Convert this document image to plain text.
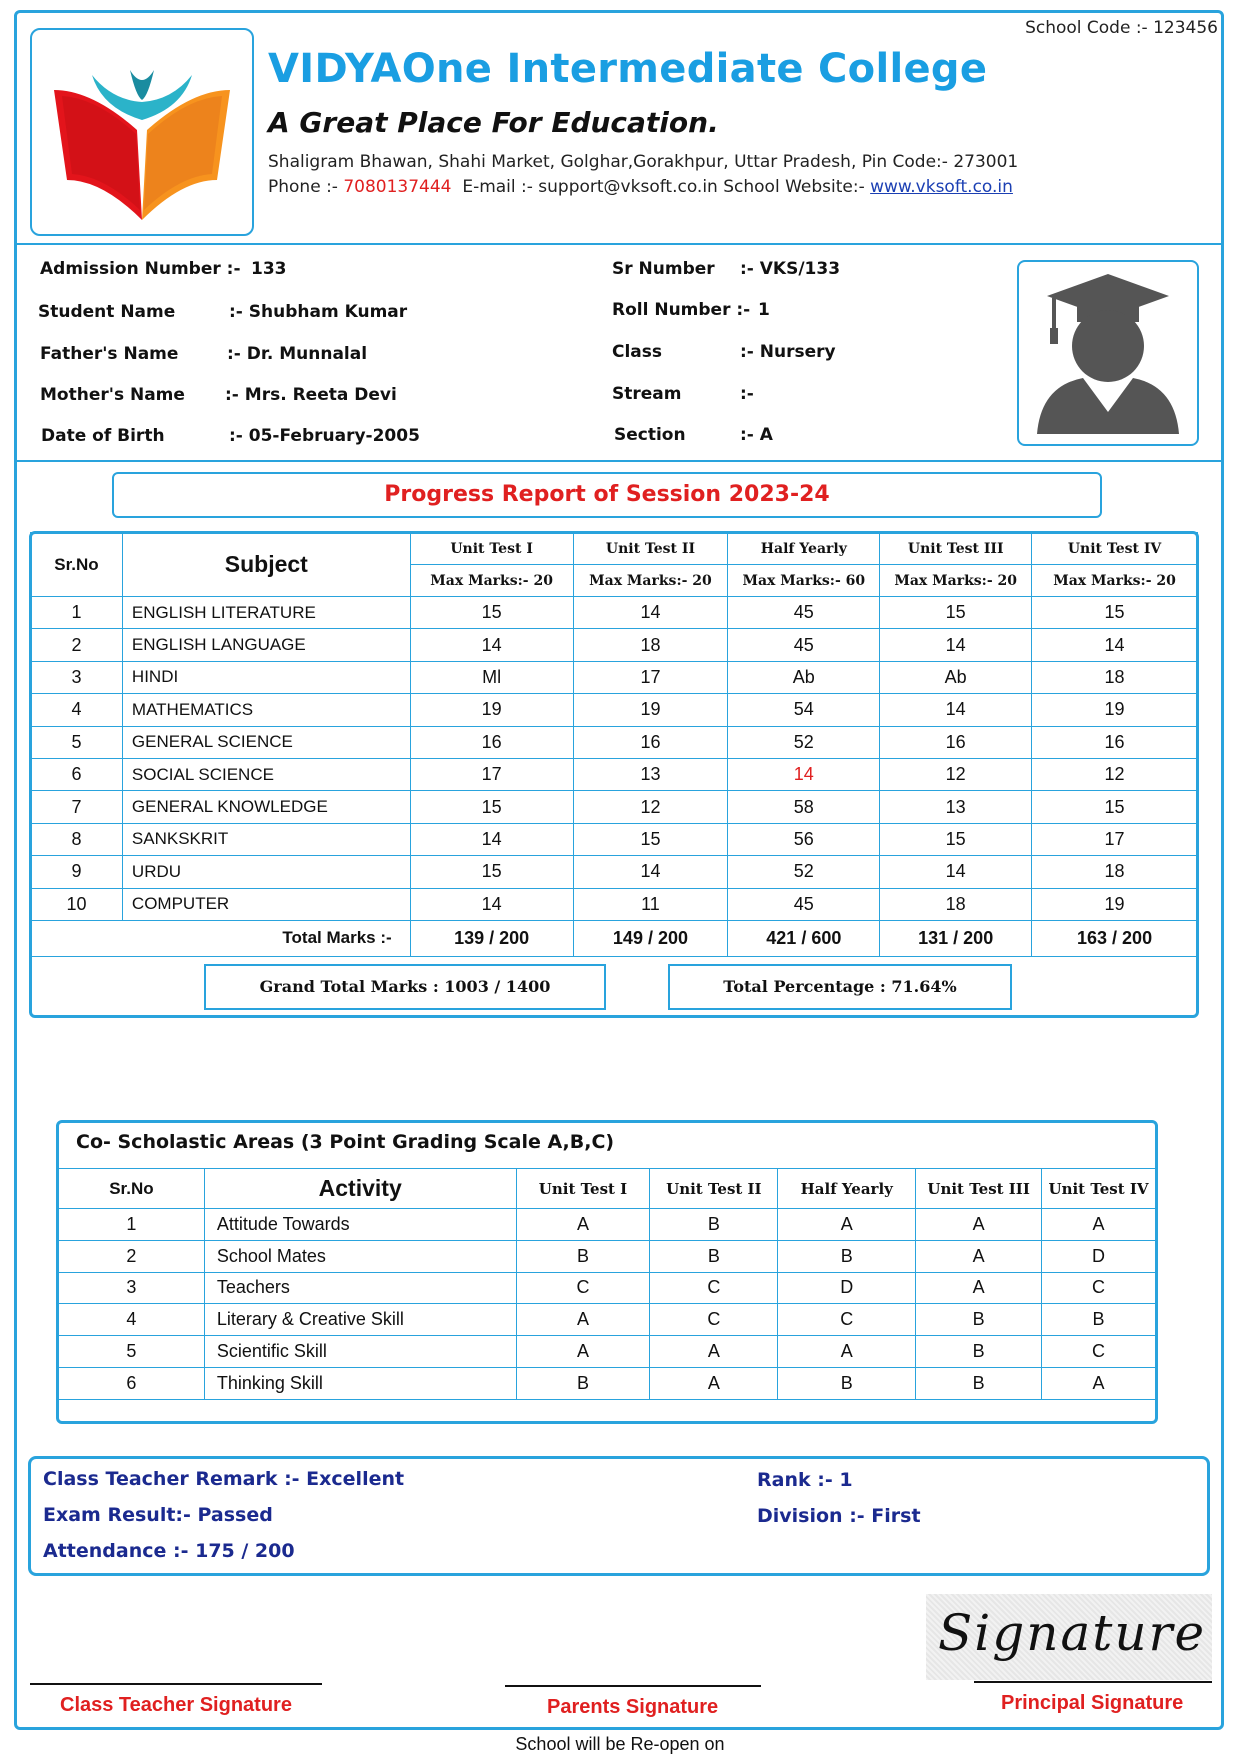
School Code :- 123456
VIDYAOne Intermediate College
A Great Place For Education.
Shaligram Bhawan, Shahi Market, Golghar,Gorakhpur, Uttar Pradesh, Pin Code:- 273001
Phone :- 7080137444  E-mail :- support@vksoft.co.in School Website:- www.vksoft.co.in
Admission Number :- 133
Student Name	:- Shubham Kumar
Father's Name	:- Dr. Munnalal
Mother's Name :- Mrs. Reeta Devi
Date of Birth	:- 05-February-2005
Sr Number :- VKS/133
Roll Number :- 1
Class	:- Nursery
Stream	:-
Section	:- A
Progress Report of Session 2023-24
Sr.No	Subject	Unit Test I	Unit Test II	Half Yearly	Unit Test III	Unit Test IV
		Max Marks:- 20	Max Marks:- 20	Max Marks:- 60	Max Marks:- 20	Max Marks:- 20
1	ENGLISH LITERATURE	15	14	45	15	15
2	ENGLISH LANGUAGE	14	18	45	14	14
3	HINDI	Ml	17	Ab	Ab	18
4	MATHEMATICS	19	19	54	14	19
5	GENERAL SCIENCE	16	16	52	16	16
6	SOCIAL SCIENCE	17	13	14	12	12
7	GENERAL KNOWLEDGE	15	12	58	13	15
8	SANKSKRIT	14	15	56	15	17
9	URDU	15	14	52	14	18
10	COMPUTER	14	11	45	18	19
Total Marks :-		139 / 200	149 / 200	421 / 600	131 / 200	163 / 200
Grand Total Marks : 1003 / 1400	Total Percentage : 71.64%
Co- Scholastic Areas (3 Point Grading Scale A,B,C)
Sr.No	Activity	Unit Test I	Unit Test II	Half Yearly	Unit Test III	Unit Test IV
1	Attitude Towards	A	B	A	A	A
2	School Mates	B	B	B	A	D
3	Teachers	C	C	D	A	C
4	Literary & Creative Skill	A	C	C	B	B
5	Scientific Skill	A	A	A	B	C
6	Thinking Skill	B	A	B	B	A
Class Teacher Remark :- Excellent
Exam Result:- Passed
Attendance :- 175 / 200
Rank :- 1
Division :- First
Signature
Class Teacher Signature	Parents Signature	Principal Signature
School will be Re-open on
